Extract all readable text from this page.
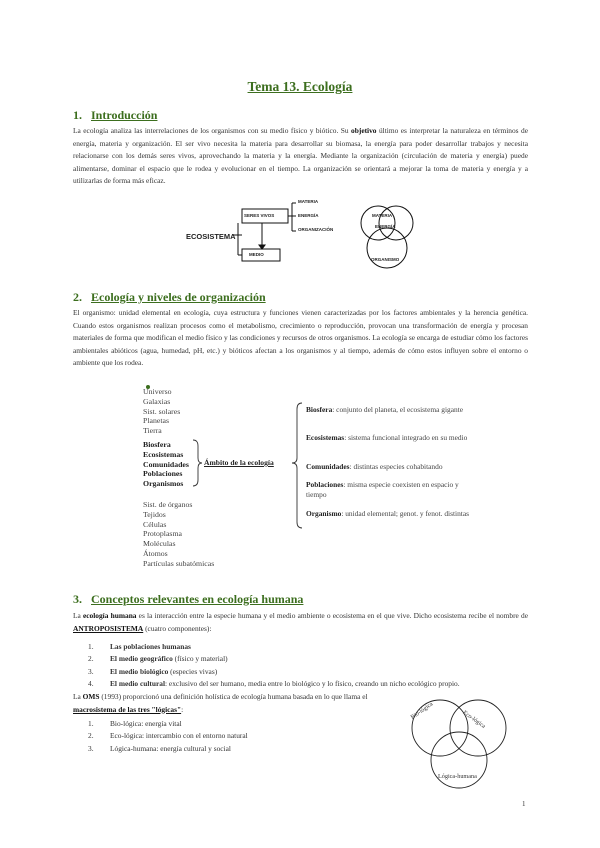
Tema 13. Ecología
1. Introducción
La ecología analiza las interrelaciones de los organismos con su medio físico y biótico. Su objetivo último es interpretar la naturaleza en términos de energía, materia y organización. El ser vivo necesita la materia para desarrollar su biomasa, la energía para poder desarrollar trabajos y necesita relacionarse con los demás seres vivos, aprovechando la materia y la energía. Mediante la organización (circulación de materia y energía) puede alimentarse, dominar el espacio que le rodea y evolucionar en el tiempo. La organización se orientará a mejorar la toma de materia y energía y a utilizarlas de forma más eficaz.
ECOSISTEMA
SERES VIVOS
MEDIO
MATERIA
ENERGÍA
ORGANIZACIÓN
MATERIA
ENERGÍA
ORGANISMO
2. Ecología y niveles de organización
El organismo: unidad elemental en ecología, cuya estructura y funciones vienen caracterizadas por los factores ambientales y la herencia genética. Cuando estos organismos realizan procesos como el metabolismo, crecimiento o reproducción, provocan una transformación de energía y procesan materiales de forma que modifican el medio físico y las condiciones y recursos de otros organismos. La ecología se encarga de estudiar cómo los factores ambientales abióticos (agua, humedad, pH, etc.) y bióticos afectan a los organismos y al tiempo, además de cómo estos influyen sobre el entorno o ambiente que los rodea.
Universo
Galaxias
Sist. solares
Planetas
Tierra
Biosfera
Ecosistemas
Comunidades
Poblaciones
Organismos
Sist. de órganos
Tejidos
Células
Protoplasma
Moléculas
Átomos
Partículas subatómicas
Ámbito de la ecología
Biosfera: conjunto del planeta, el ecosistema gigante
Ecosistemas: sistema funcional integrado en su medio
Comunidades: distintas especies cohabitando
Poblaciones: misma especie coexisten en espacio y tiempo
Organismo: unidad elemental; genot. y fenot. distintas
3. Conceptos relevantes en ecología humana
La ecología humana es la interacción entre la especie humana y el medio ambiente o ecosistema en el que vive. Dicho ecosistema recibe el nombre de ANTROPOSISTEMA (cuatro componentes):
1. Las poblaciones humanas
2. El medio geográfico (físico y material)
3. El medio biológico (especies vivas)
4. El medio cultural: exclusivo del ser humano, media entre lo biológico y lo físico, creando un nicho ecológico propio.
La OMS (1993) proporcionó una definición holística de ecología humana basada en lo que llama el macrosistema de las tres "lógicas":
1. Bio-lógica: energía vital
2. Eco-lógica: intercambio con el entorno natural
3. Lógica-humana: energía cultural y social
Bio-lógica	Eco-lógica
Lógica-humana
1
